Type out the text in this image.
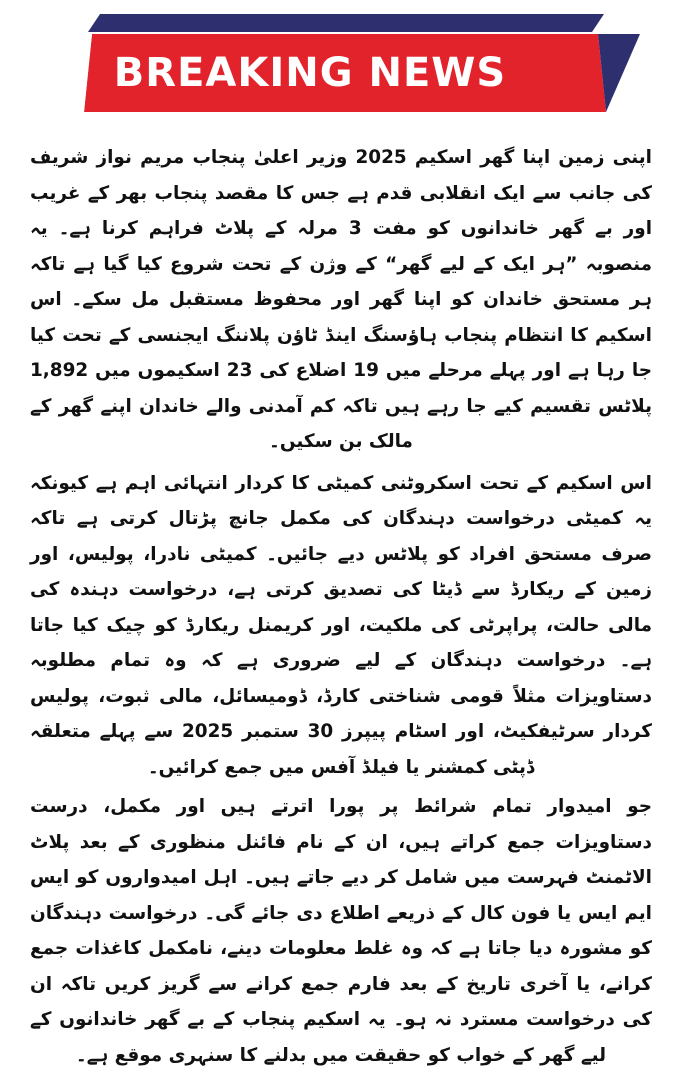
BREAKING NEWS

اپنی زمین اپنا گھر اسکیم 2025 وزیر اعلیٰ پنجاب مریم نواز شریف کی جانب سے ایک انقلابی قدم ہے جس کا مقصد پنجاب بھر کے غریب اور بے گھر خاندانوں کو مفت 3 مرلہ کے پلاٹ فراہم کرنا ہے۔ یہ منصوبہ ”ہر ایک کے لیے گھر“ کے وژن کے تحت شروع کیا گیا ہے تاکہ ہر مستحق خاندان کو اپنا گھر اور محفوظ مستقبل مل سکے۔ اس اسکیم کا انتظام پنجاب ہاؤسنگ اینڈ ٹاؤن پلاننگ ایجنسی کے تحت کیا جا رہا ہے اور پہلے مرحلے میں 19 اضلاع کی 23 اسکیموں میں 1,892 پلاٹس تقسیم کیے جا رہے ہیں تاکہ کم آمدنی والے خاندان اپنے گھر کے مالک بن سکیں۔

اس اسکیم کے تحت اسکروٹنی کمیٹی کا کردار انتہائی اہم ہے کیونکہ یہ کمیٹی درخواست دہندگان کی مکمل جانچ پڑتال کرتی ہے تاکہ صرف مستحق افراد کو پلاٹس دیے جائیں۔ کمیٹی نادرا، پولیس، اور زمین کے ریکارڈ سے ڈیٹا کی تصدیق کرتی ہے، درخواست دہندہ کی مالی حالت، پراپرٹی کی ملکیت، اور کریمنل ریکارڈ کو چیک کیا جاتا ہے۔ درخواست دہندگان کے لیے ضروری ہے کہ وہ تمام مطلوبہ دستاویزات مثلاً قومی شناختی کارڈ، ڈومیسائل، مالی ثبوت، پولیس کردار سرٹیفکیٹ، اور اسٹام پیپرز 30 ستمبر 2025 سے پہلے متعلقہ ڈپٹی کمشنر یا فیلڈ آفس میں جمع کرائیں۔

جو امیدوار تمام شرائط پر پورا اترتے ہیں اور مکمل، درست دستاویزات جمع کراتے ہیں، ان کے نام فائنل منظوری کے بعد پلاٹ الاٹمنٹ فہرست میں شامل کر دیے جاتے ہیں۔ اہل امیدواروں کو ایس ایم ایس یا فون کال کے ذریعے اطلاع دی جائے گی۔ درخواست دہندگان کو مشورہ دیا جاتا ہے کہ وہ غلط معلومات دینے، نامکمل کاغذات جمع کرانے، یا آخری تاریخ کے بعد فارم جمع کرانے سے گریز کریں تاکہ ان کی درخواست مسترد نہ ہو۔ یہ اسکیم پنجاب کے بے گھر خاندانوں کے لیے گھر کے خواب کو حقیقت میں بدلنے کا سنہری موقع ہے۔
